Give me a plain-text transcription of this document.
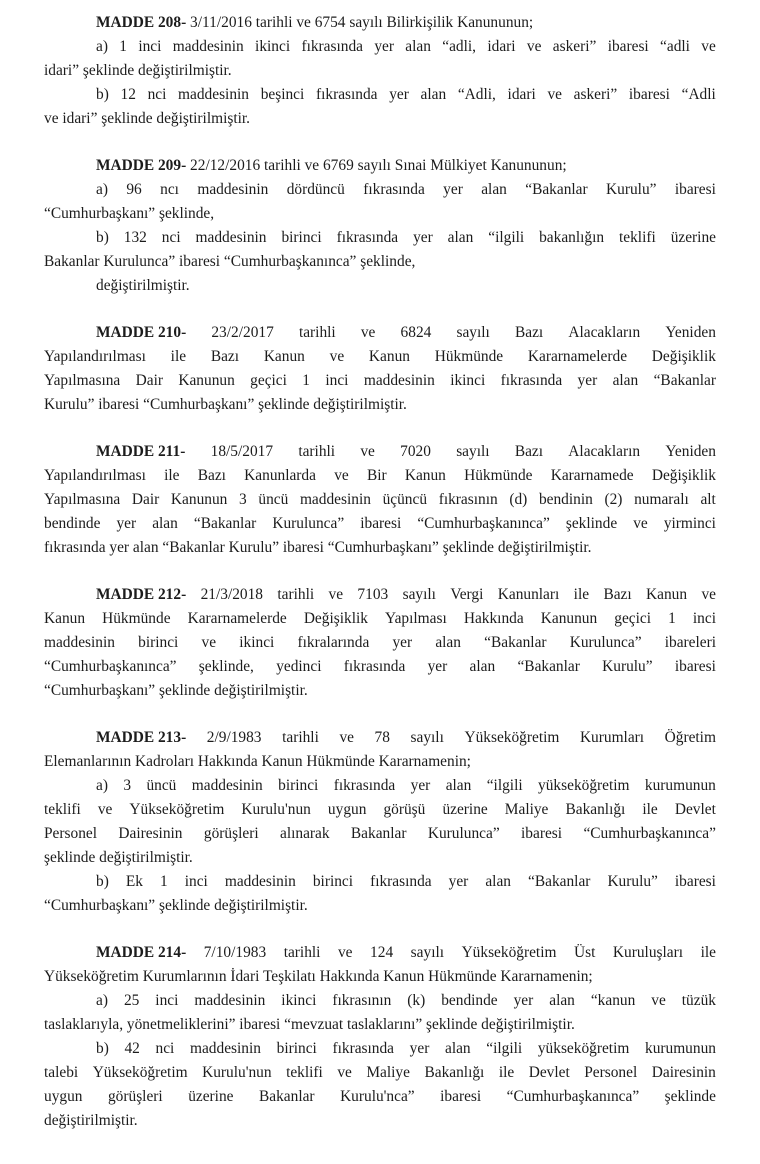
MADDE 208- 3/11/2016 tarihli ve 6754 sayılı Bilirkişilik Kanununun;
a) 1 inci maddesinin ikinci fıkrasında yer alan “adli, idari ve askeri” ibaresi “adli ve
idari” şeklinde değiştirilmiştir.
b) 12 nci maddesinin beşinci fıkrasında yer alan “Adli, idari ve askeri” ibaresi “Adli
ve idari” şeklinde değiştirilmiştir.
MADDE 209- 22/12/2016 tarihli ve 6769 sayılı Sınai Mülkiyet Kanununun;
a) 96 ncı maddesinin dördüncü fıkrasında yer alan “Bakanlar Kurulu” ibaresi
“Cumhurbaşkanı” şeklinde,
b) 132 nci maddesinin birinci fıkrasında yer alan “ilgili bakanlığın teklifi üzerine
Bakanlar Kurulunca” ibaresi “Cumhurbaşkanınca” şeklinde,
değiştirilmiştir.
MADDE 210- 23/2/2017 tarihli ve 6824 sayılı Bazı Alacakların Yeniden
Yapılandırılması ile Bazı Kanun ve Kanun Hükmünde Kararnamelerde Değişiklik
Yapılmasına Dair Kanunun geçici 1 inci maddesinin ikinci fıkrasında yer alan “Bakanlar
Kurulu” ibaresi “Cumhurbaşkanı” şeklinde değiştirilmiştir.
MADDE 211- 18/5/2017 tarihli ve 7020 sayılı Bazı Alacakların Yeniden
Yapılandırılması ile Bazı Kanunlarda ve Bir Kanun Hükmünde Kararnamede Değişiklik
Yapılmasına Dair Kanunun 3 üncü maddesinin üçüncü fıkrasının (d) bendinin (2) numaralı alt
bendinde yer alan “Bakanlar Kurulunca” ibaresi “Cumhurbaşkanınca” şeklinde ve yirminci
fıkrasında yer alan “Bakanlar Kurulu” ibaresi “Cumhurbaşkanı” şeklinde değiştirilmiştir.
MADDE 212- 21/3/2018 tarihli ve 7103 sayılı Vergi Kanunları ile Bazı Kanun ve
Kanun Hükmünde Kararnamelerde Değişiklik Yapılması Hakkında Kanunun geçici 1 inci
maddesinin birinci ve ikinci fıkralarında yer alan “Bakanlar Kurulunca” ibareleri
“Cumhurbaşkanınca” şeklinde, yedinci fıkrasında yer alan “Bakanlar Kurulu” ibaresi
“Cumhurbaşkanı” şeklinde değiştirilmiştir.
MADDE 213- 2/9/1983 tarihli ve 78 sayılı Yükseköğretim Kurumları Öğretim
Elemanlarının Kadroları Hakkında Kanun Hükmünde Kararnamenin;
a) 3 üncü maddesinin birinci fıkrasında yer alan “ilgili yükseköğretim kurumunun
teklifi ve Yükseköğretim Kurulu'nun uygun görüşü üzerine Maliye Bakanlığı ile Devlet
Personel Dairesinin görüşleri alınarak Bakanlar Kurulunca” ibaresi “Cumhurbaşkanınca”
şeklinde değiştirilmiştir.
b) Ek 1 inci maddesinin birinci fıkrasında yer alan “Bakanlar Kurulu” ibaresi
“Cumhurbaşkanı” şeklinde değiştirilmiştir.
MADDE 214- 7/10/1983 tarihli ve 124 sayılı Yükseköğretim Üst Kuruluşları ile
Yükseköğretim Kurumlarının İdari Teşkilatı Hakkında Kanun Hükmünde Kararnamenin;
a) 25 inci maddesinin ikinci fıkrasının (k) bendinde yer alan “kanun ve tüzük
taslaklarıyla, yönetmeliklerini” ibaresi “mevzuat taslaklarını” şeklinde değiştirilmiştir.
b) 42 nci maddesinin birinci fıkrasında yer alan “ilgili yükseköğretim kurumunun
talebi Yükseköğretim Kurulu'nun teklifi ve Maliye Bakanlığı ile Devlet Personel Dairesinin
uygun görüşleri üzerine Bakanlar Kurulu'nca” ibaresi “Cumhurbaşkanınca” şeklinde
değiştirilmiştir.
